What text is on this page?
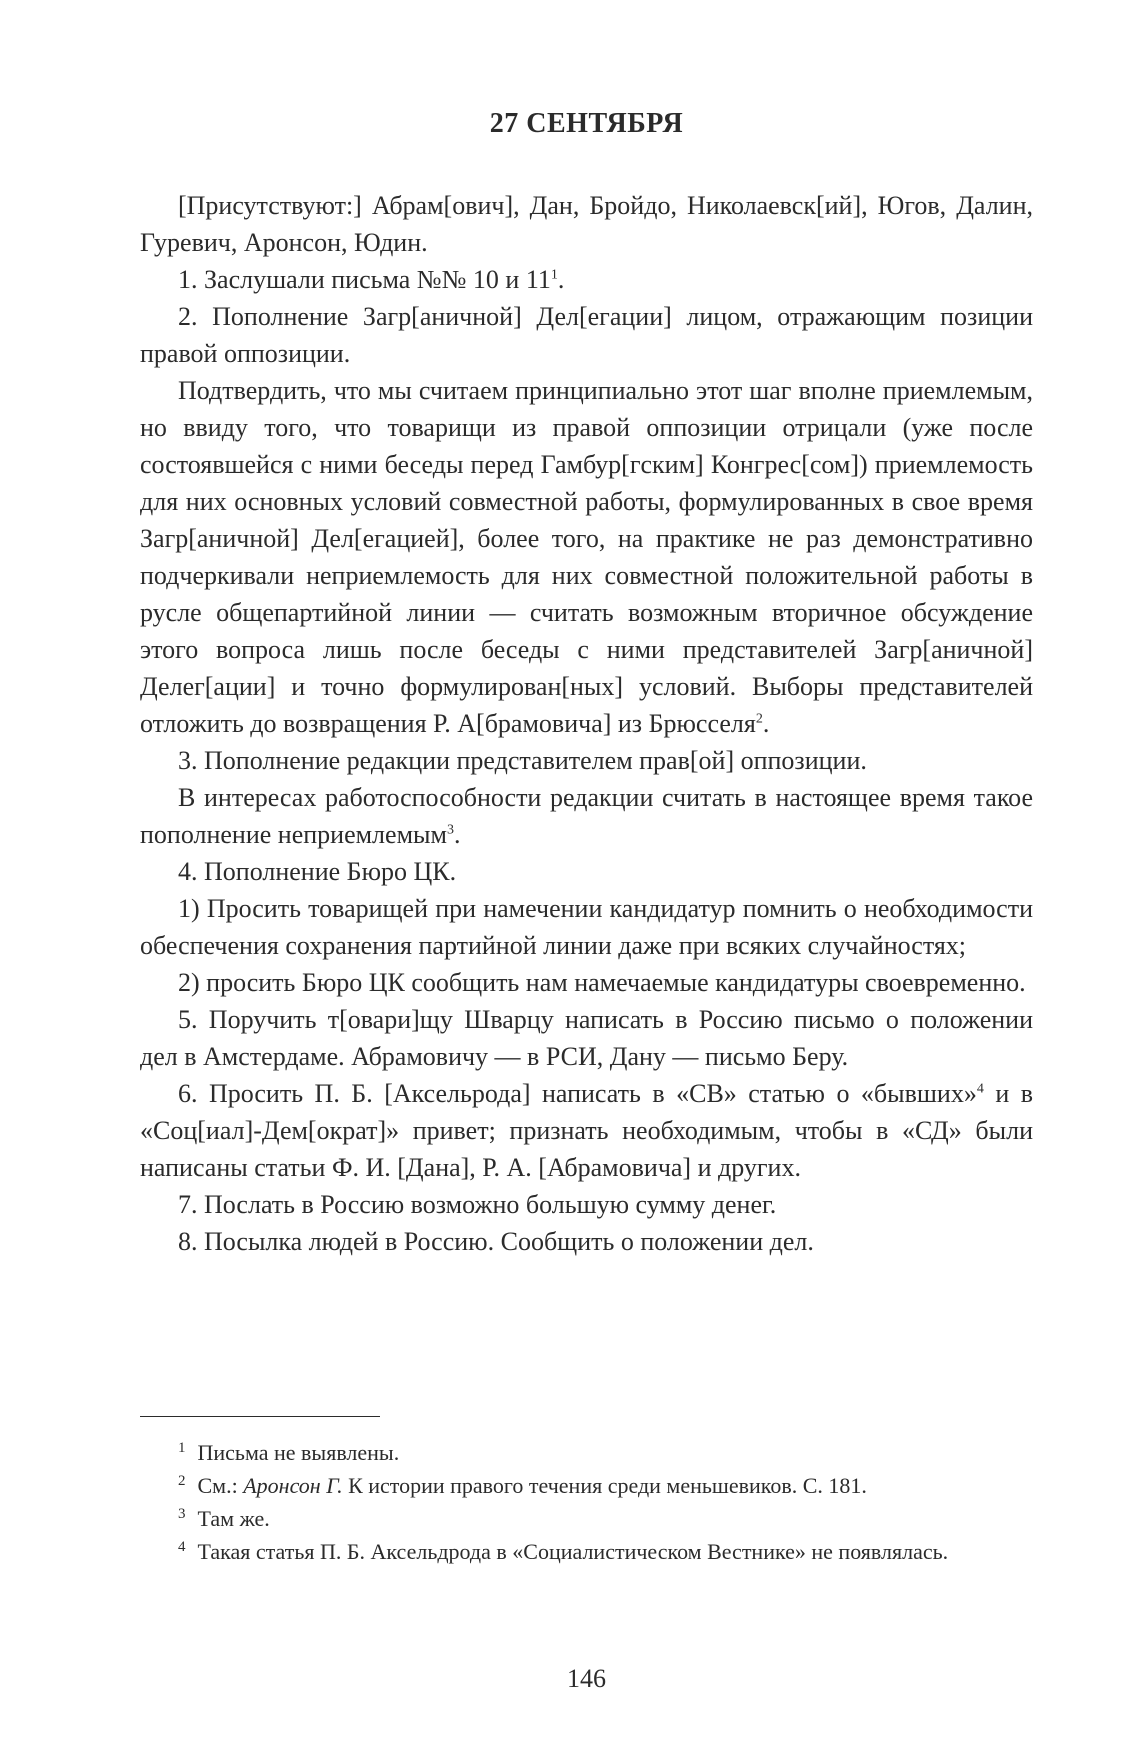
27 СЕНТЯБРЯ

[Присутствуют:] Абрам[ович], Дан, Бройдо, Николаевск[ий], Югов, Далин, Гуревич, Аронсон, Юдин.

1. Заслушали письма №№ 10 и 11$^1$.

2. Пополнение Загр[аничной] Дел[егации] лицом, отражающим позиции правой оппозиции.

Подтвердить, что мы считаем принципиально этот шаг вполне приемлемым, но ввиду того, что товарищи из правой оппозиции отрицали (уже после состоявшейся с ними беседы перед Гамбур[гским] Конгрес[сом]) приемлемость для них основных условий совместной работы, формулированных в свое время Загр[аничной] Дел[егацией], более того, на практике не раз демонстративно подчеркивали неприемлемость для них совместной положительной работы в русле общепартийной линии — считать возможным вторичное обсуждение этого вопроса лишь после беседы с ними представителей Загр[аничной] Делег[ации] и точно формулирован[ных] условий. Выборы представителей отложить до возвращения Р. А[брамовича] из Брюсселя$^2$.

3. Пополнение редакции представителем прав[ой] оппозиции.

В интересах работоспособности редакции считать в настоящее время такое пополнение неприемлемым$^3$.

4. Пополнение Бюро ЦК.

1) Просить товарищей при намечении кандидатур помнить о необходимости обеспечения сохранения партийной линии даже при всяких случайностях;

2) просить Бюро ЦК сообщить нам намечаемые кандидатуры своевременно.

5. Поручить т[овари]щу Шварцу написать в Россию письмо о положении дел в Амстердаме. Абрамовичу — в РСИ, Дану — письмо Беру.

6. Просить П. Б. [Аксельрода] написать в «СВ» статью о «бывших»$^4$ и в «Соц[иал]-Дем[ократ]» привет; признать необходимым, чтобы в «СД» были написаны статьи Ф. И. [Дана], Р. А. [Абрамовича] и других.

7. Послать в Россию возможно большую сумму денег.

8. Посылка людей в Россию. Сообщить о положении дел.

$^1$ Письма не выявлены.

$^2$ См.: Аронсон Г. К истории правого течения среди меньшевиков. С. 181.

$^3$ Там же.

$^4$ Такая статья П. Б. Аксельдрода в «Социалистическом Вестнике» не появлялась.

146
